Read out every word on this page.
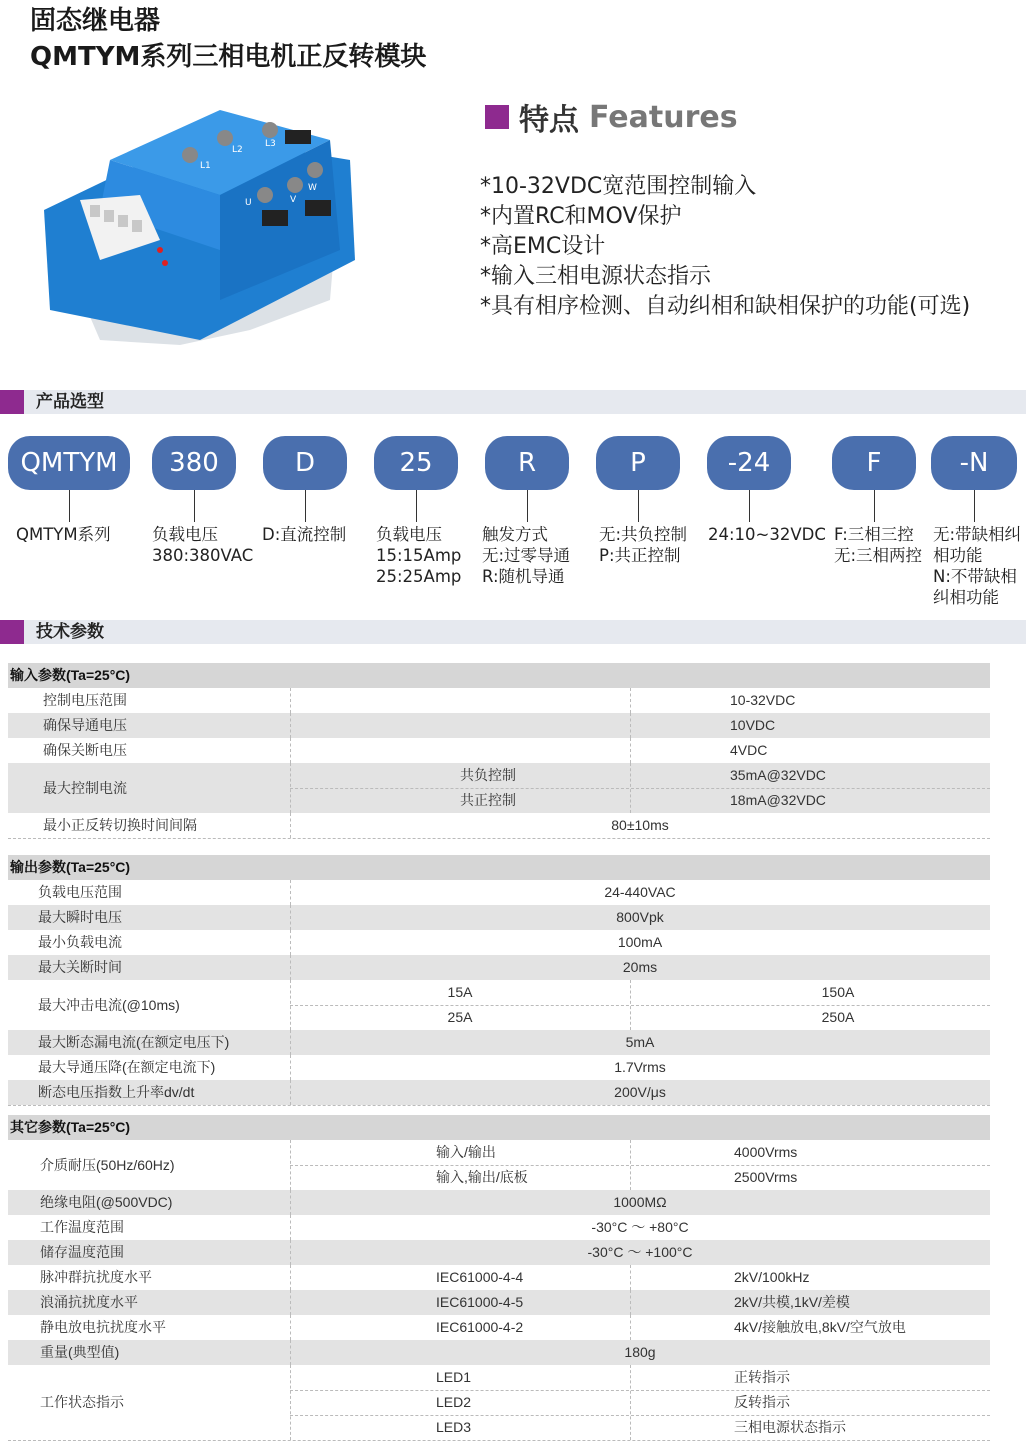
固态继电器
QMTYM系列三相电机正反转模块
L1
L2
L3
U	V
W
特点 Features
*10-32VDC宽范围控制输入
*内置RC和MOV保护
*高EMC设计
*输入三相电源状态指示
*具有相序检测、自动纠相和缺相保护的功能(可选)
产品选型
QMTYM
QMTYM系列
380
负载电压
380:380VAC
D
D:直流控制
25
负载电压
15:15Amp
25:25Amp
R
触发方式
无:过零导通
R:随机导通
P
无:共负控制
P:共正控制
-24
24:10~32VDC
F
F:三相三控
无:三相两控
-N
无:带缺相纠
相功能
N:不带缺相
纠相功能
技术参数
输入参数(Ta=25°C)
控制电压范围	10-32VDC
确保导通电压	10VDC
确保关断电压	4VDC
最大控制电流
共负控制	35mA@32VDC
共正控制	18mA@32VDC
最小正反转切换时间间隔	80±10ms
输出参数(Ta=25°C)
负载电压范围	24-440VAC
最大瞬时电压	800Vpk
最小负载电流	100mA
最大关断时间	20ms
最大冲击电流(@10ms)
15A	150A
25A	250A
最大断态漏电流(在额定电压下)	5mA
最大导通压降(在额定电流下)	1.7Vrms
断态电压指数上升率dv/dt	200V/μs
其它参数(Ta=25°C)
介质耐压(50Hz/60Hz)
输入/输出	4000Vrms
输入,输出/底板	2500Vrms
绝缘电阻(@500VDC)	1000MΩ
工作温度范围	-30°C ～ +80°C
储存温度范围	-30°C ～ +100°C
脉冲群抗扰度水平	IEC61000-4-4	2kV/100kHz
浪涌抗扰度水平	IEC61000-4-5	2kV/共模,1kV/差模
静电放电抗扰度水平	IEC61000-4-2	4kV/接触放电,8kV/空气放电
重量(典型值)	180g
工作状态指示
LED1	正转指示
LED2	反转指示
LED3	三相电源状态指示
